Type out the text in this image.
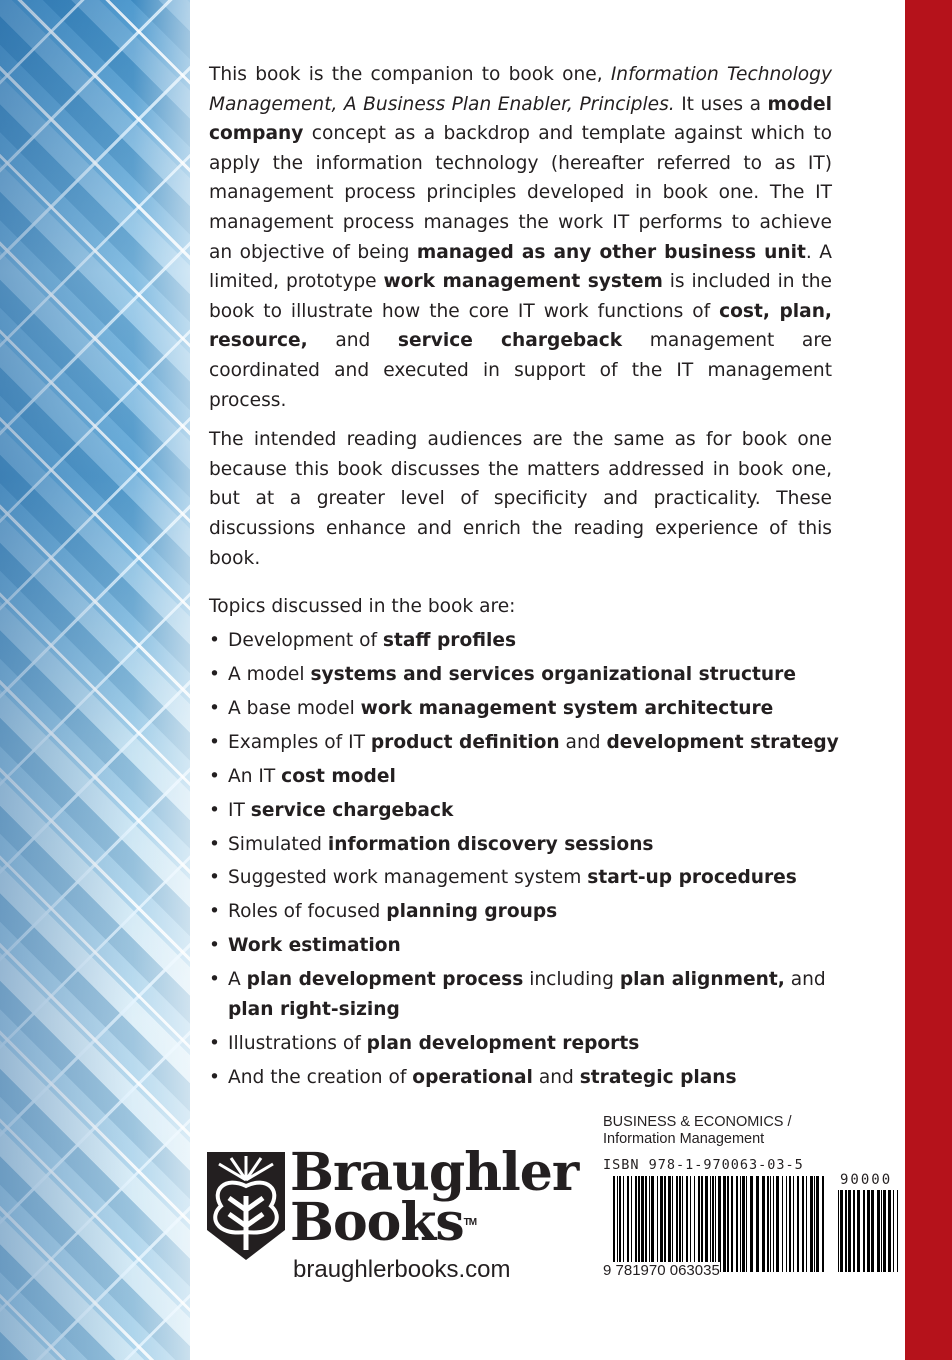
This book is the companion to book one, Information Technology Management, A Business Plan Enabler, Principles. It uses a model company concept as a backdrop and template against which to apply the information technology (hereafter referred to as IT) management process principles developed in book one. The IT management process manages the work IT performs to achieve an objective of being managed as any other business unit. A limited, prototype work management system is included in the book to illustrate how the core IT work functions of cost, plan, resource, and service chargeback management are coordinated and executed in support of the IT management process.

The intended reading audiences are the same as for book one because this book discusses the matters addressed in book one, but at a greater level of specificity and practicality. These discussions enhance and enrich the reading experience of this book.

Topics discussed in the book are:
• Development of staff profiles
• A model systems and services organizational structure
• A base model work management system architecture
• Examples of IT product definition and development strategy
• An IT cost model
• IT service chargeback
• Simulated information discovery sessions
• Suggested work management system start-up procedures
• Roles of focused planning groups
• Work estimation
• A plan development process including plan alignment, and plan right-sizing
• Illustrations of plan development reports
• And the creation of operational and strategic plans
Braughler
Books™
braughlerbooks.com
BUSINESS & ECONOMICS /
Information Management
ISBN 978-1-970063-03-5
90000
9 781970 063035
